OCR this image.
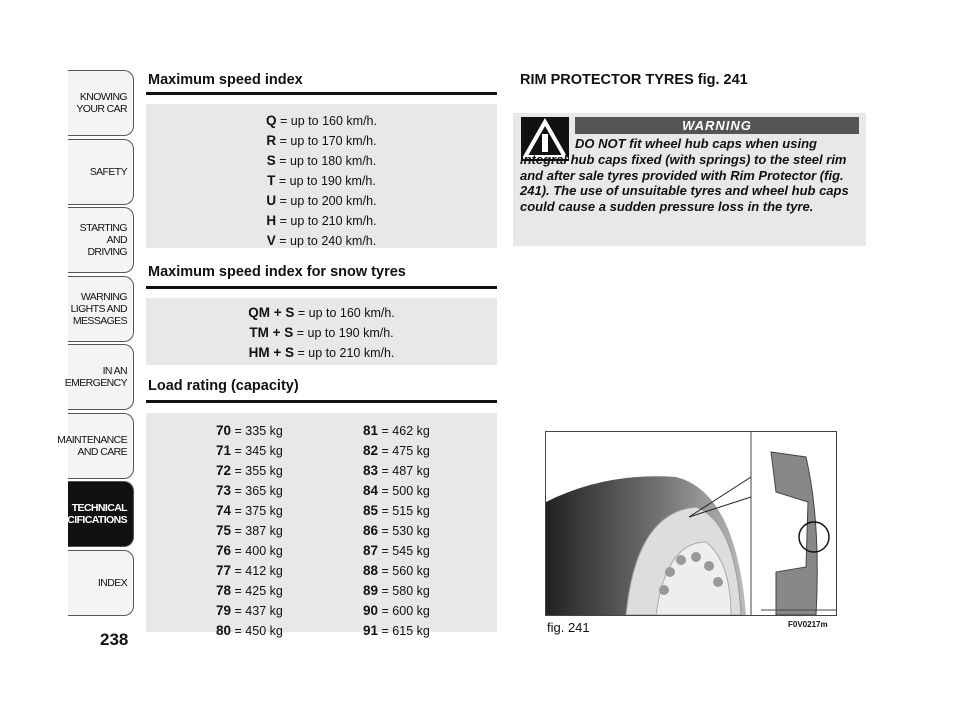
KNOWING
YOUR CAR
SAFETY
STARTING
AND
DRIVING
WARNING
LIGHTS AND
MESSAGES
IN AN
EMERGENCY
MAINTENANCE
AND CARE
TECHNICAL
SPECIFICATIONS
INDEX
238
Maximum speed index
Q = up to 160 km/h.
R = up to 170 km/h.
S = up to 180 km/h.
T = up to 190 km/h.
U = up to 200 km/h.
H = up to 210 km/h.
V = up to 240 km/h.
Maximum speed index for snow tyres
QM + S = up to 160 km/h.
TM + S = up to 190 km/h.
HM + S = up to 210 km/h.
Load rating (capacity)
70 = 335 kg
71 = 345 kg
72 = 355 kg
73 = 365 kg
74 = 375 kg
75 = 387 kg
76 = 400 kg
77 = 412 kg
78 = 425 kg
79 = 437 kg
80 = 450 kg
81 = 462 kg
82 = 475 kg
83 = 487 kg
84 = 500 kg
85 = 515 kg
86 = 530 kg
87 = 545 kg
88 = 560 kg
89 = 580 kg
90 = 600 kg
91 = 615 kg
RIM PROTECTOR TYRES fig. 241
WARNING
DO NOT fit wheel hub caps when using integral hub caps fixed (with springs) to the steel rim and after sale tyres provided with Rim Protector (fig. 241). The use of unsuitable tyres and wheel hub caps could cause a sudden pressure loss in the tyre.
fig. 241	F0V0217m
